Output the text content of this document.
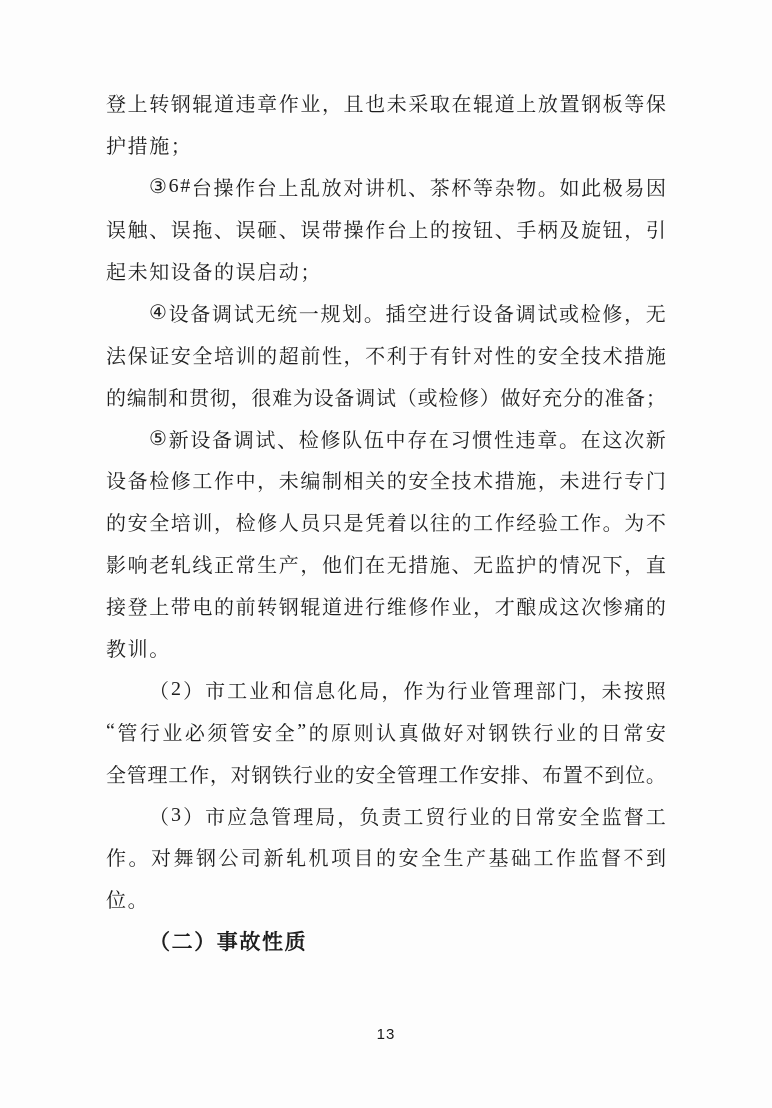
登 上 转 钢 辊 道 违 章 作 业 ， 且 也 未 采 取 在 辊 道 上 放 置 钢 板 等 保
护措施；
③ 6 # 台 操 作 台 上 乱 放 对 讲 机 、 茶 杯 等 杂 物 。 如 此 极 易 因
误 触 、 误 拖 、 误 砸 、 误 带 操 作 台 上 的 按 钮 、 手 柄 及 旋 钮 ， 引
起未知设备的误启动；
④ 设 备 调 试 无 统 一 规 划 。 插 空 进 行 设 备 调 试 或 检 修 ， 无
法 保 证 安 全 培 训 的 超 前 性 ， 不 利 于 有 针 对 性 的 安 全 技 术 措 施
的 编 制 和 贯 彻 ， 很 难 为 设 备 调 试 （ 或 检 修 ） 做 好 充 分 的 准 备 ；
⑤ 新 设 备 调 试 、 检 修 队 伍 中 存 在 习 惯 性 违 章 。 在 这 次 新
设 备 检 修 工 作 中 ， 未 编 制 相 关 的 安 全 技 术 措 施 ， 未 进 行 专 门
的 安 全 培 训 ， 检 修 人 员 只 是 凭 着 以 往 的 工 作 经 验 工 作 。 为 不
影 响 老 轧 线 正 常 生 产 ， 他 们 在 无 措 施 、 无 监 护 的 情 况 下 ， 直
接 登 上 带 电 的 前 转 钢 辊 道 进 行 维 修 作 业 ， 才 酿 成 这 次 惨 痛 的
教训。
（ 2 ） 市 工 业 和 信 息 化 局 ， 作 为 行 业 管 理 部 门 ， 未 按 照
“ 管 行 业 必 须 管 安 全 ” 的 原 则 认 真 做 好 对 钢 铁 行 业 的 日 常 安
全 管 理 工 作 ， 对 钢 铁 行 业 的 安 全 管 理 工 作 安 排 、 布 置 不 到 位 。
（ 3 ） 市 应 急 管 理 局 ， 负 责 工 贸 行 业 的 日 常 安 全 监 督 工
作 。 对 舞 钢 公 司 新 轧 机 项 目 的 安 全 生 产 基 础 工 作 监 督 不 到
位。
（二）事故性质
13
